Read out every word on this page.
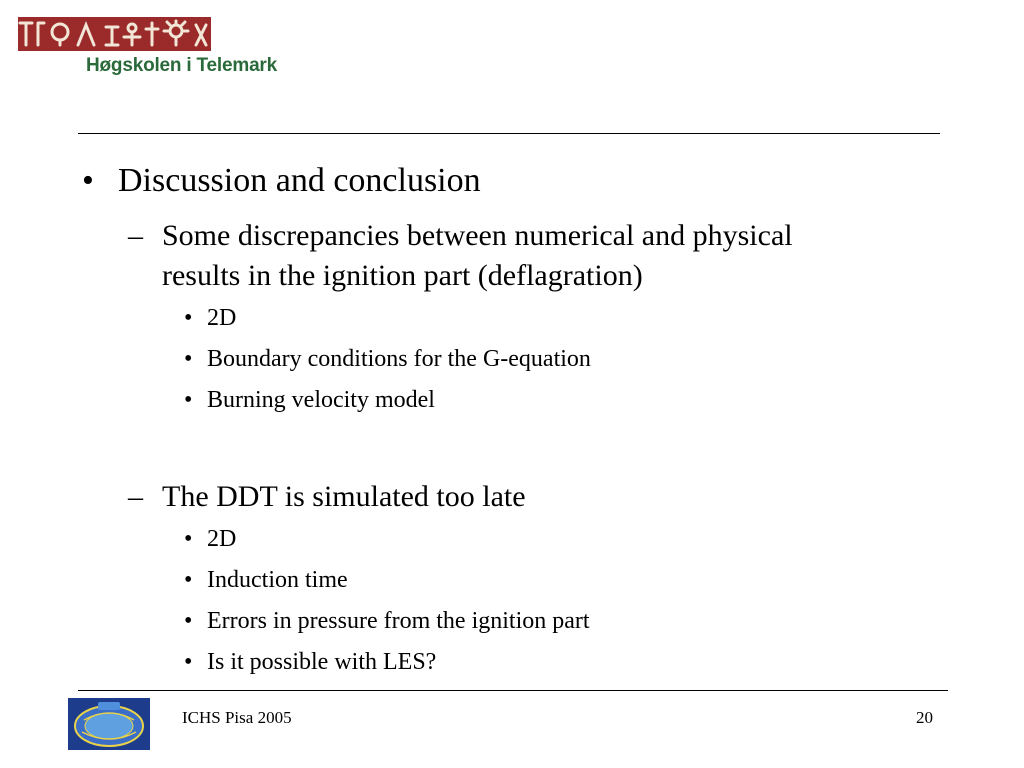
Høgskolen i Telemark
• Discussion and conclusion
– Some discrepancies between numerical and physical
results in the ignition part (deflagration)
• 2D
• Boundary conditions for the G-equation
• Burning velocity model
– The DDT is simulated too late
• 2D
• Induction time
• Errors in pressure from the ignition part
• Is it possible with LES?
ICHS Pisa 2005	20
